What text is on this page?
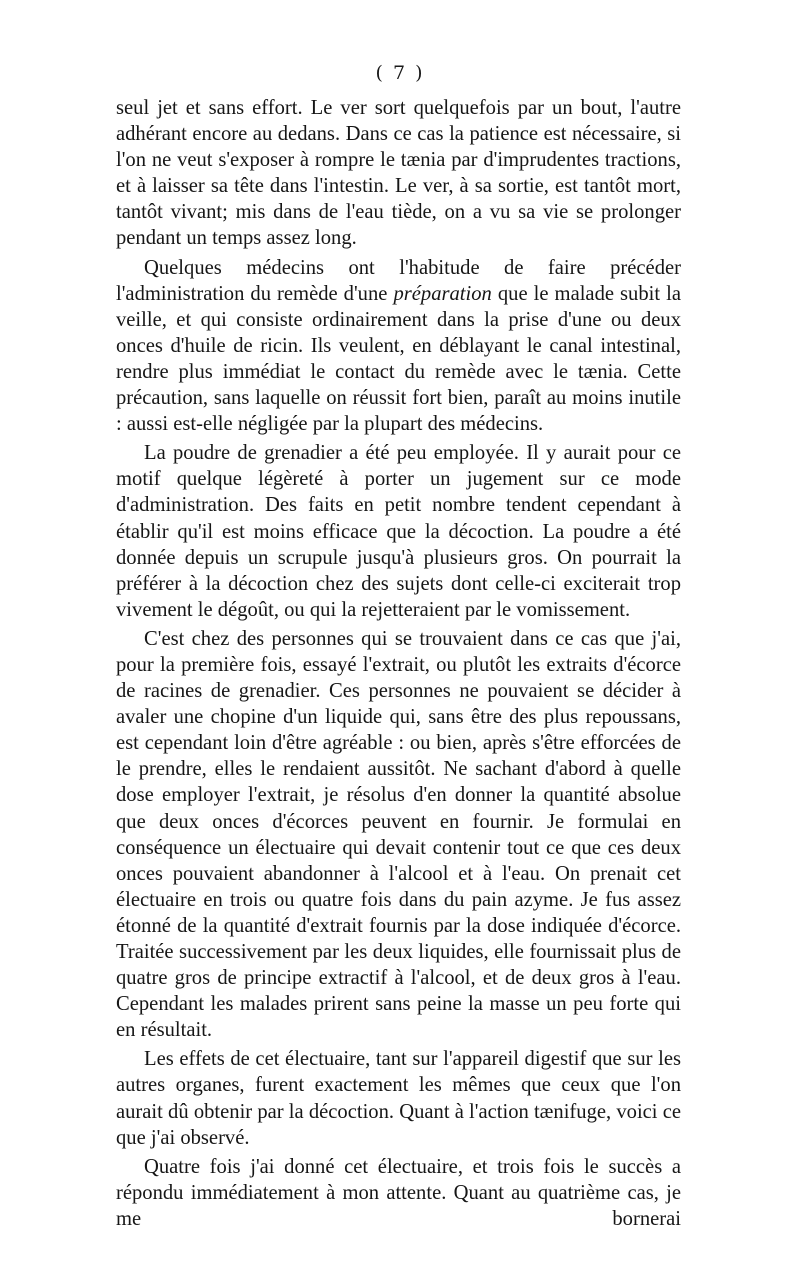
( 7 )

seul jet et sans effort. Le ver sort quelquefois par un bout, l'autre adhérant encore au dedans. Dans ce cas la patience est nécessaire, si l'on ne veut s'exposer à rompre le tænia par d'imprudentes tractions, et à laisser sa tête dans l'intestin. Le ver, à sa sortie, est tantôt mort, tantôt vivant; mis dans de l'eau tiède, on a vu sa vie se prolonger pendant un temps assez long.

Quelques médecins ont l'habitude de faire précéder l'administration du remède d'une préparation que le malade subit la veille, et qui consiste ordinairement dans la prise d'une ou deux onces d'huile de ricin. Ils veulent, en déblayant le canal intestinal, rendre plus immédiat le contact du remède avec le tænia. Cette précaution, sans laquelle on réussit fort bien, paraît au moins inutile : aussi est-elle négligée par la plupart des médecins.

La poudre de grenadier a été peu employée. Il y aurait pour ce motif quelque légèreté à porter un jugement sur ce mode d'administration. Des faits en petit nombre tendent cependant à établir qu'il est moins efficace que la décoction. La poudre a été donnée depuis un scrupule jusqu'à plusieurs gros. On pourrait la préférer à la décoction chez des sujets dont celle-ci exciterait trop vivement le dégoût, ou qui la rejetteraient par le vomissement.

C'est chez des personnes qui se trouvaient dans ce cas que j'ai, pour la première fois, essayé l'extrait, ou plutôt les extraits d'écorce de racines de grenadier. Ces personnes ne pouvaient se décider à avaler une chopine d'un liquide qui, sans être des plus repoussans, est cependant loin d'être agréable : ou bien, après s'être efforcées de le prendre, elles le rendaient aussitôt. Ne sachant d'abord à quelle dose employer l'extrait, je résolus d'en donner la quantité absolue que deux onces d'écorces peuvent en fournir. Je formulai en conséquence un électuaire qui devait contenir tout ce que ces deux onces pouvaient abandonner à l'alcool et à l'eau. On prenait cet électuaire en trois ou quatre fois dans du pain azyme. Je fus assez étonné de la quantité d'extrait fournis par la dose indiquée d'écorce. Traitée successivement par les deux liquides, elle fournissait plus de quatre gros de principe extractif à l'alcool, et de deux gros à l'eau. Cependant les malades prirent sans peine la masse un peu forte qui en résultait.

Les effets de cet électuaire, tant sur l'appareil digestif que sur les autres organes, furent exactement les mêmes que ceux que l'on aurait dû obtenir par la décoction. Quant à l'action tænifuge, voici ce que j'ai observé.

Quatre fois j'ai donné cet électuaire, et trois fois le succès a répondu immédiatement à mon attente. Quant au quatrième cas, je me bornerai
